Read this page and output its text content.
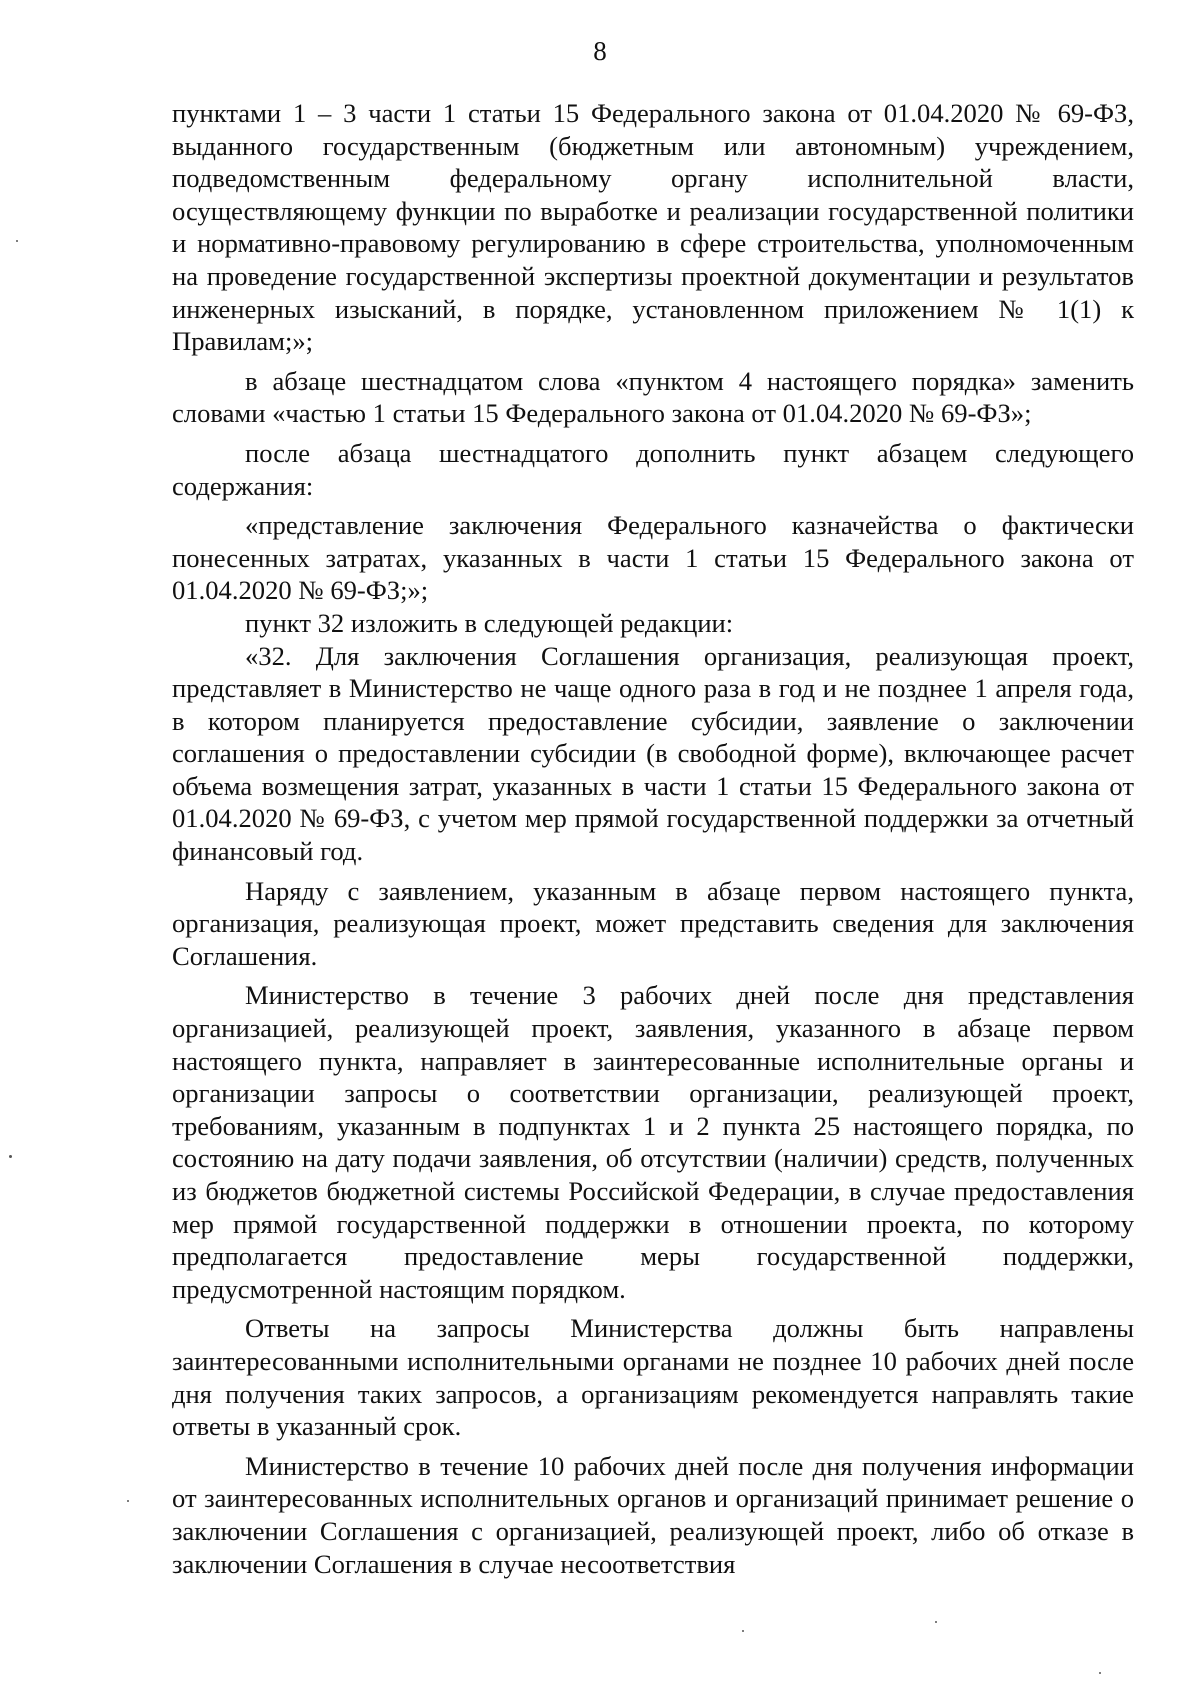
8

пунктами 1 – 3 части 1 статьи 15 Федерального закона от 01.04.2020 № 69-ФЗ, выданного государственным (бюджетным или автономным) учреждением, подведомственным федеральному органу исполнительной власти, осуществляющему функции по выработке и реализации государственной политики и нормативно-правовому регулированию в сфере строительства, уполномоченным на проведение государственной экспертизы проектной документации и результатов инженерных изысканий, в порядке, установленном приложением № 1(1) к Правилам;»;

в абзаце шестнадцатом слова «пунктом 4 настоящего порядка» заменить словами «частью 1 статьи 15 Федерального закона от 01.04.2020 № 69-ФЗ»;

после абзаца шестнадцатого дополнить пункт абзацем следующего содержания:

«представление заключения Федерального казначейства о фактически понесенных затратах, указанных в части 1 статьи 15 Федерального закона от 01.04.2020 № 69-ФЗ;»;

пункт 32 изложить в следующей редакции:

«32. Для заключения Соглашения организация, реализующая проект, представляет в Министерство не чаще одного раза в год и не позднее 1 апреля года, в котором планируется предоставление субсидии, заявление о заключении соглашения о предоставлении субсидии (в свободной форме), включающее расчет объема возмещения затрат, указанных в части 1 статьи 15 Федерального закона от 01.04.2020 № 69-ФЗ, с учетом мер прямой государственной поддержки за отчетный финансовый год.

Наряду с заявлением, указанным в абзаце первом настоящего пункта, организация, реализующая проект, может представить сведения для заключения Соглашения.

Министерство в течение 3 рабочих дней после дня представления организацией, реализующей проект, заявления, указанного в абзаце первом настоящего пункта, направляет в заинтересованные исполнительные органы и организации запросы о соответствии организации, реализующей проект, требованиям, указанным в подпунктах 1 и 2 пункта 25 настоящего порядка, по состоянию на дату подачи заявления, об отсутствии (наличии) средств, полученных из бюджетов бюджетной системы Российской Федерации, в случае предоставления мер прямой государственной поддержки в отношении проекта, по которому предполагается предоставление меры государственной поддержки, предусмотренной настоящим порядком.

Ответы на запросы Министерства должны быть направлены заинтересованными исполнительными органами не позднее 10 рабочих дней после дня получения таких запросов, а организациям рекомендуется направлять такие ответы в указанный срок.

Министерство в течение 10 рабочих дней после дня получения информации от заинтересованных исполнительных органов и организаций принимает решение о заключении Соглашения с организацией, реализующей проект, либо об отказе в заключении Соглашения в случае несоответствия
